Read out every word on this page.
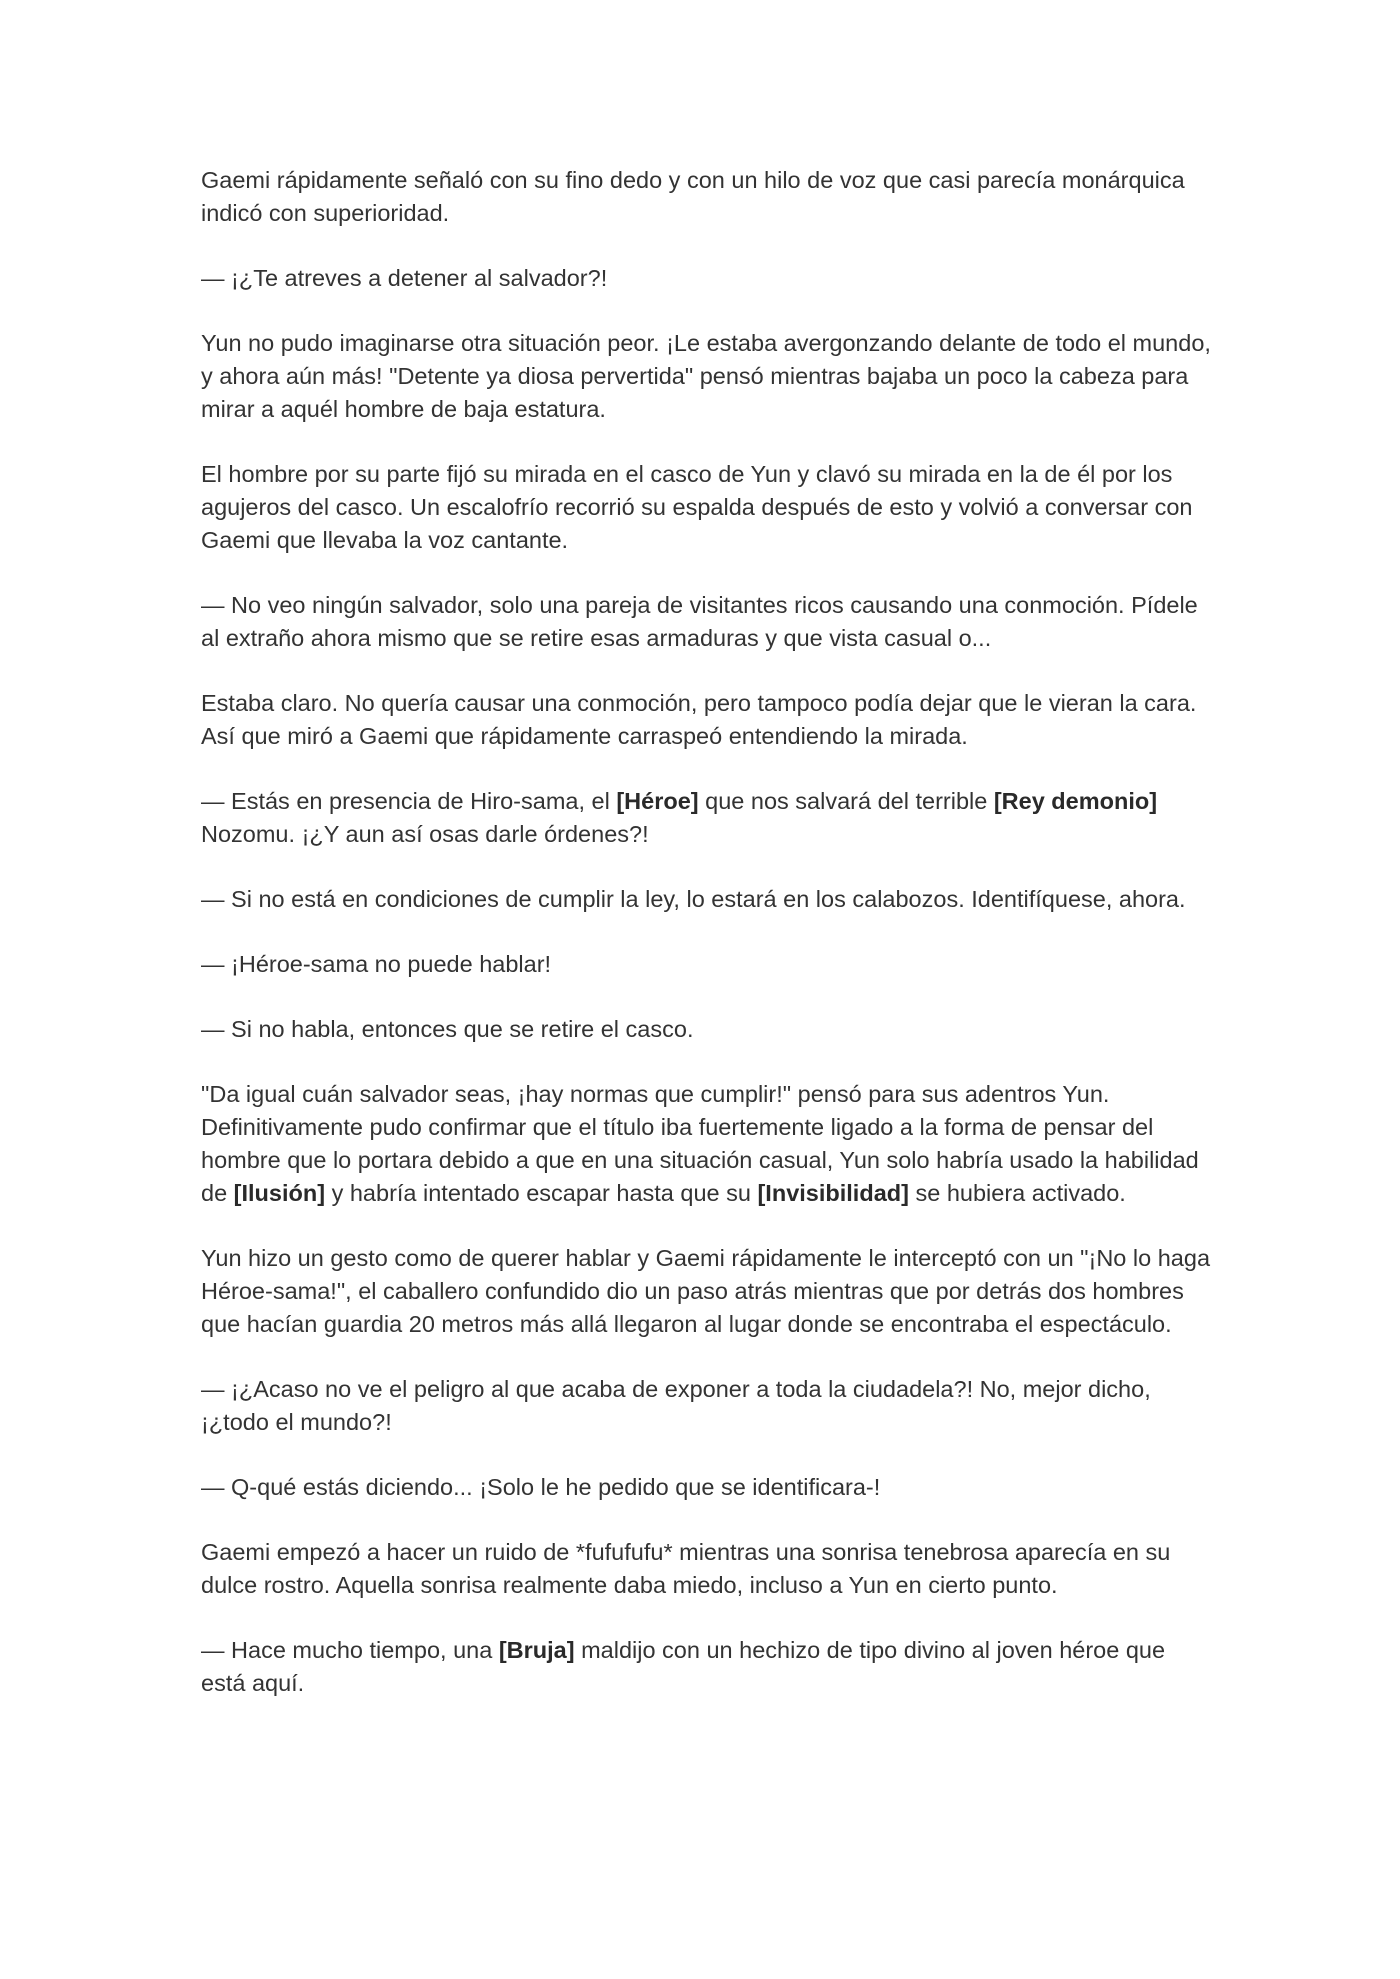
Gaemi rápidamente señaló con su fino dedo y con un hilo de voz que casi parecía monárquica indicó con superioridad.

— ¡¿Te atreves a detener al salvador?!

Yun no pudo imaginarse otra situación peor. ¡Le estaba avergonzando delante de todo el mundo, y ahora aún más! "Detente ya diosa pervertida" pensó mientras bajaba un poco la cabeza para mirar a aquél hombre de baja estatura.

El hombre por su parte fijó su mirada en el casco de Yun y clavó su mirada en la de él por los agujeros del casco. Un escalofrío recorrió su espalda después de esto y volvió a conversar con Gaemi que llevaba la voz cantante.

— No veo ningún salvador, solo una pareja de visitantes ricos causando una conmoción. Pídele al extraño ahora mismo que se retire esas armaduras y que vista casual o...

Estaba claro. No quería causar una conmoción, pero tampoco podía dejar que le vieran la cara. Así que miró a Gaemi que rápidamente carraspeó entendiendo la mirada.

— Estás en presencia de Hiro-sama, el [Héroe] que nos salvará del terrible [Rey demonio] Nozomu. ¡¿Y aun así osas darle órdenes?!

— Si no está en condiciones de cumplir la ley, lo estará en los calabozos. Identifíquese, ahora.

— ¡Héroe-sama no puede hablar!

— Si no habla, entonces que se retire el casco.

"Da igual cuán salvador seas, ¡hay normas que cumplir!" pensó para sus adentros Yun. Definitivamente pudo confirmar que el título iba fuertemente ligado a la forma de pensar del hombre que lo portara debido a que en una situación casual, Yun solo habría usado la habilidad de [Ilusión] y habría intentado escapar hasta que su [Invisibilidad] se hubiera activado.

Yun hizo un gesto como de querer hablar y Gaemi rápidamente le interceptó con un "¡No lo haga Héroe-sama!", el caballero confundido dio un paso atrás mientras que por detrás dos hombres que hacían guardia 20 metros más allá llegaron al lugar donde se encontraba el espectáculo.

— ¡¿Acaso no ve el peligro al que acaba de exponer a toda la ciudadela?! No, mejor dicho, ¡¿todo el mundo?!

— Q-qué estás diciendo... ¡Solo le he pedido que se identificara-!

Gaemi empezó a hacer un ruido de *fufufufu* mientras una sonrisa tenebrosa aparecía en su dulce rostro. Aquella sonrisa realmente daba miedo, incluso a Yun en cierto punto.

— Hace mucho tiempo, una [Bruja] maldijo con un hechizo de tipo divino al joven héroe que está aquí.
